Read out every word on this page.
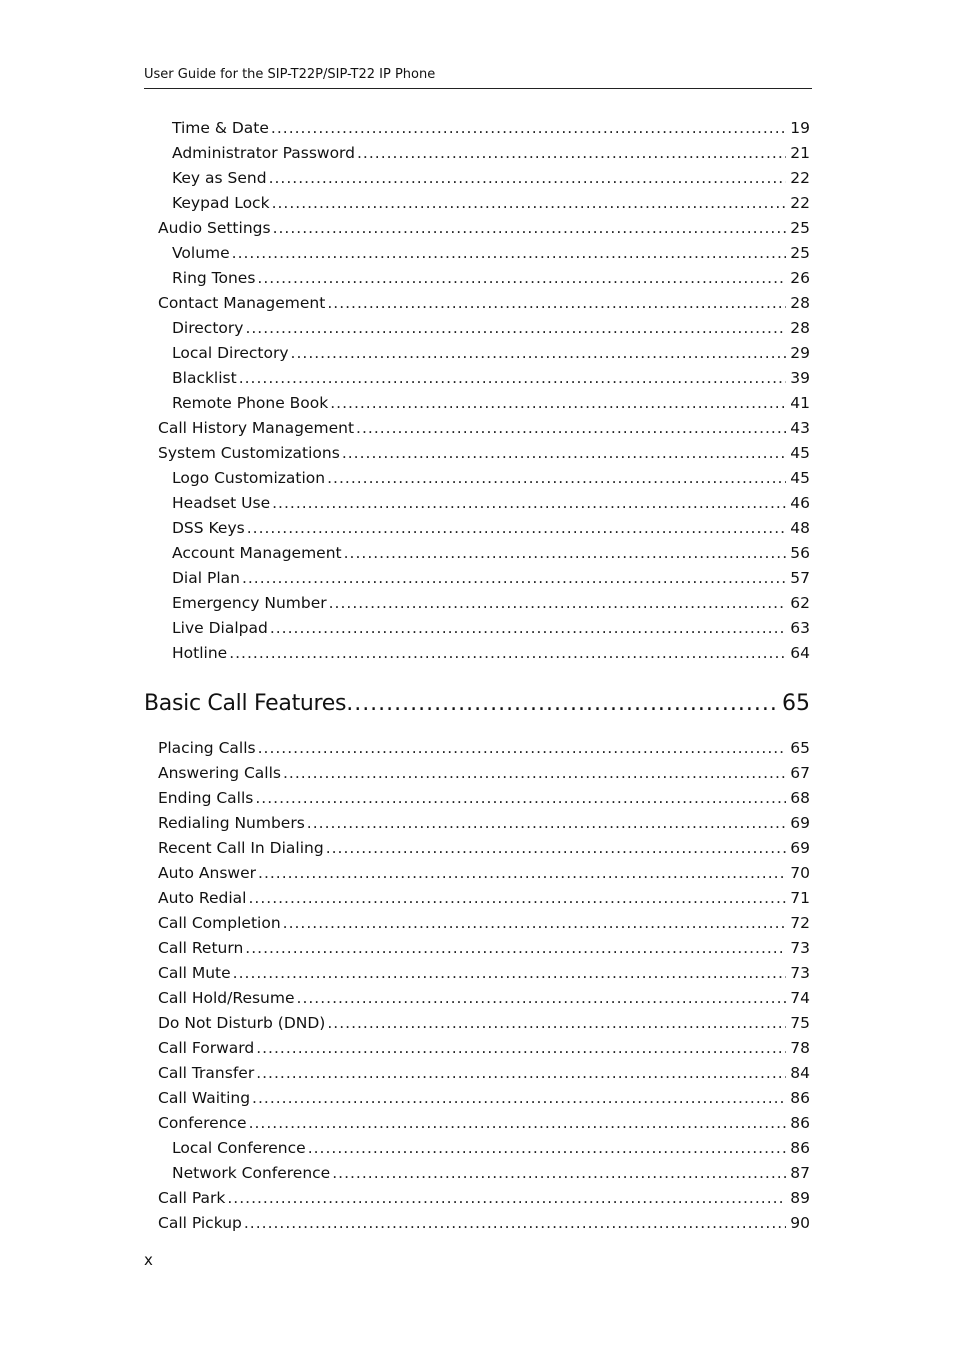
User Guide for the SIP-T22P/SIP-T22 IP Phone
Time & Date .....	19
Administrator Password .....	21
Key as Send .....	22
Keypad Lock .....	22
Audio Settings .....	25
Volume .....	25
Ring Tones .....	26
Contact Management .....	28
Directory .....	28
Local Directory .....	29
Blacklist .....	39
Remote Phone Book .....	41
Call History Management .....	43
System Customizations .....	45
Logo Customization .....	45
Headset Use .....	46
DSS Keys .....	48
Account Management .....	56
Dial Plan .....	57
Emergency Number .....	62
Live Dialpad .....	63
Hotline .....	64
Basic Call Features .....	65
Placing Calls .....	65
Answering Calls .....	67
Ending Calls .....	68
Redialing Numbers .....	69
Recent Call In Dialing .....	69
Auto Answer .....	70
Auto Redial .....	71
Call Completion .....	72
Call Return .....	73
Call Mute .....	73
Call Hold/Resume .....	74
Do Not Disturb (DND) .....	75
Call Forward .....	78
Call Transfer .....	84
Call Waiting .....	86
Conference .....	86
Local Conference .....	86
Network Conference .....	87
Call Park .....	89
Call Pickup .....	90
x
